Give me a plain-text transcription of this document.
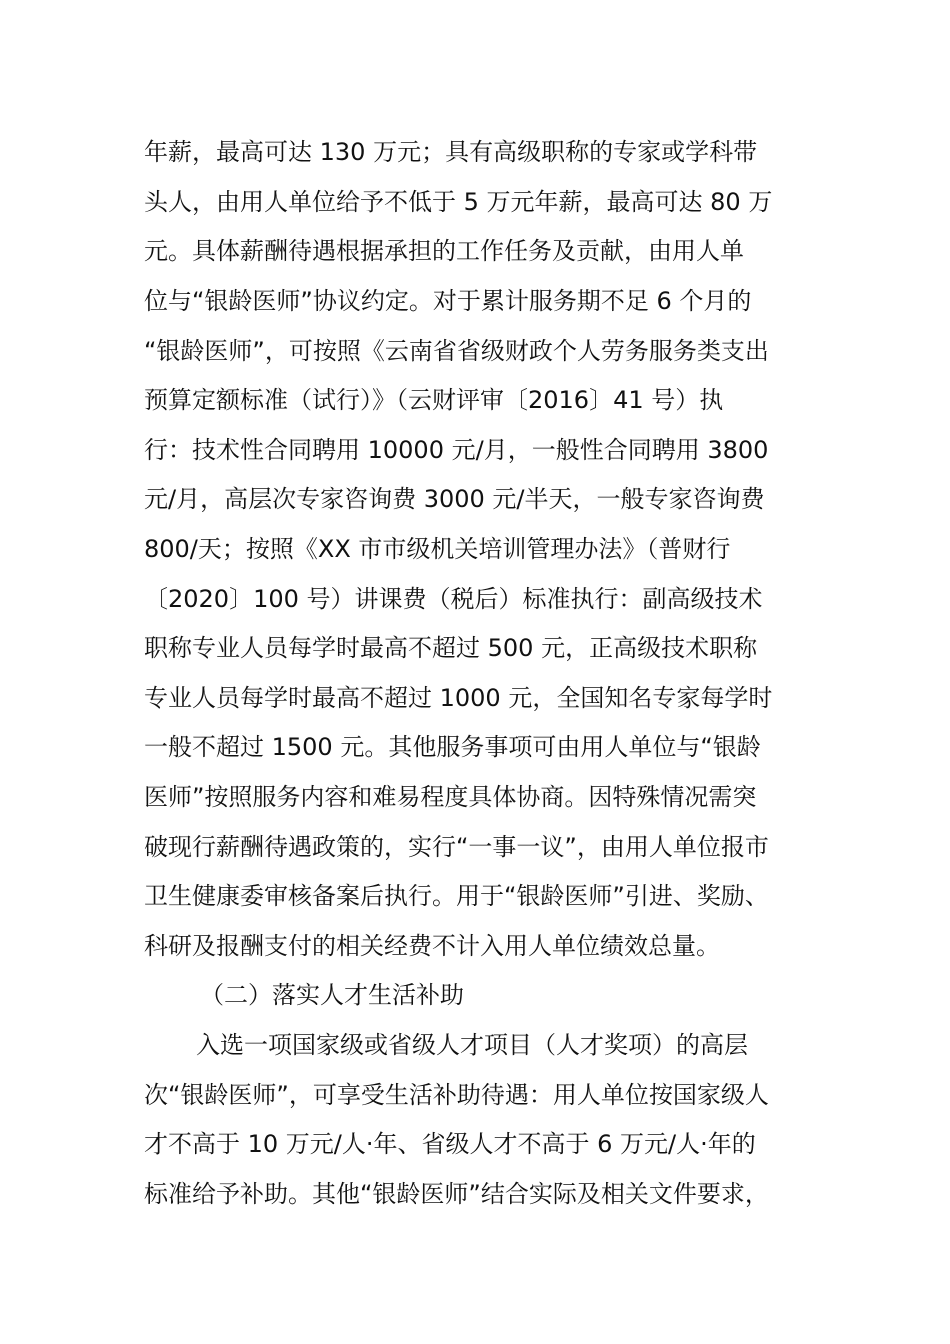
年薪，最高可达 130 万元；具有高级职称的专家或学科带
头人，由用人单位给予不低于 5 万元年薪，最高可达 80 万
元。具体薪酬待遇根据承担的工作任务及贡献，由用人单
位与“银龄医师”协议约定。对于累计服务期不足 6 个月的
“银龄医师”，可按照《云南省省级财政个人劳务服务类支出
预算定额标准（试行）》（云财评审〔2016〕41 号）执
行：技术性合同聘用 10000 元/月，一般性合同聘用 3800
元/月，高层次专家咨询费 3000 元/半天，一般专家咨询费
800/天；按照《XX 市市级机关培训管理办法》（普财行
〔2020〕100 号）讲课费（税后）标准执行：副高级技术
职称专业人员每学时最高不超过 500 元，正高级技术职称
专业人员每学时最高不超过 1000 元，全国知名专家每学时
一般不超过 1500 元。其他服务事项可由用人单位与“银龄
医师”按照服务内容和难易程度具体协商。因特殊情况需突
破现行薪酬待遇政策的，实行“一事一议”，由用人单位报市
卫生健康委审核备案后执行。用于“银龄医师”引进、奖励、
科研及报酬支付的相关经费不计入用人单位绩效总量。
（二）落实人才生活补助
入选一项国家级或省级人才项目（人才奖项）的高层
次“银龄医师”，可享受生活补助待遇：用人单位按国家级人
才不高于 10 万元/人·年、省级人才不高于 6 万元/人·年的
标准给予补助。其他“银龄医师”结合实际及相关文件要求，
